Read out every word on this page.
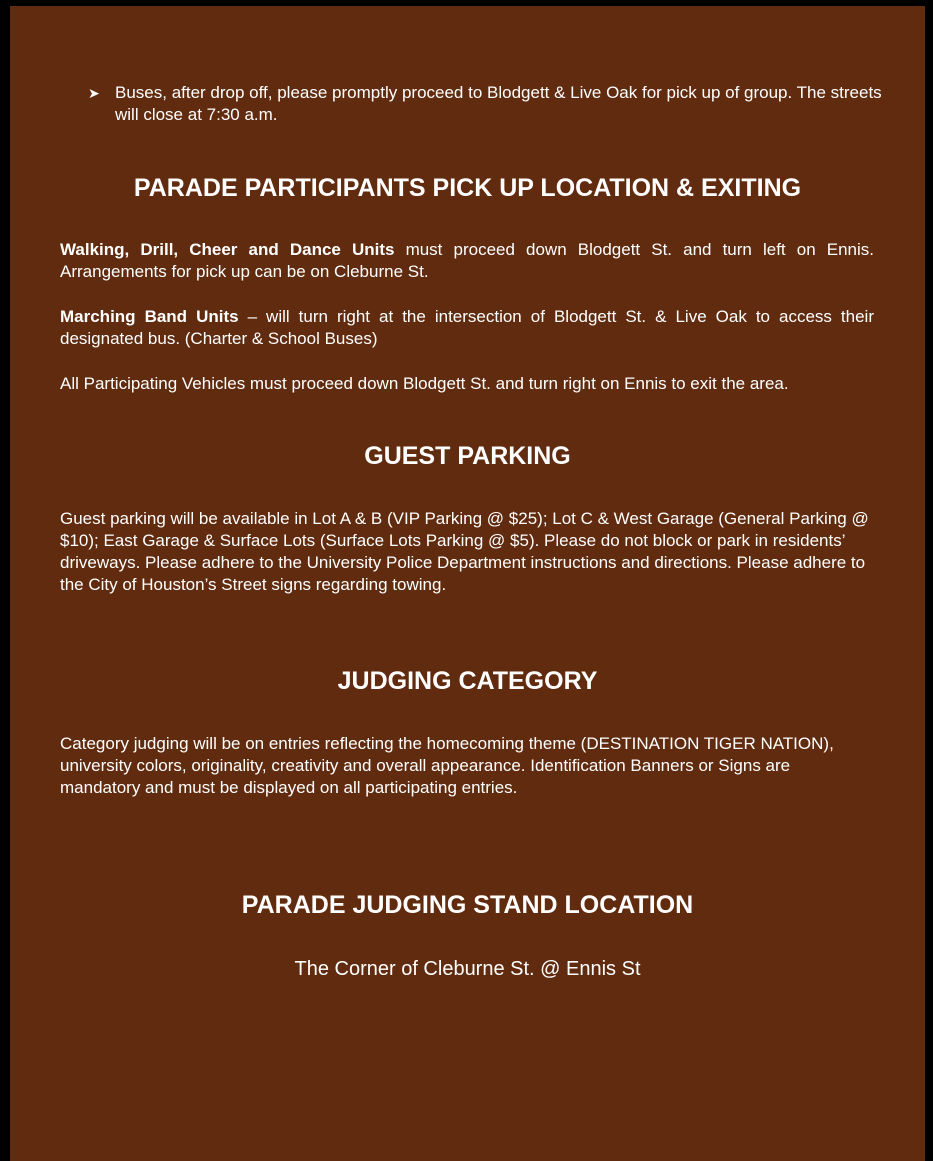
➤ Buses, after drop off, please promptly proceed to Blodgett & Live Oak for pick up of group. The streets will close at 7:30 a.m.
PARADE PARTICIPANTS PICK UP LOCATION & EXITING

Walking, Drill, Cheer and Dance Units must proceed down Blodgett St. and turn left on Ennis. Arrangements for pick up can be on Cleburne St.

Marching Band Units – will turn right at the intersection of Blodgett St. & Live Oak to access their designated bus. (Charter & School Buses)

All Participating Vehicles must proceed down Blodgett St. and turn right on Ennis to exit the area.

GUEST PARKING

Guest parking will be available in Lot A & B (VIP Parking @ $25); Lot C & West Garage (General Parking @ $10); East Garage & Surface Lots (Surface Lots Parking @ $5). Please do not block or park in residents’ driveways. Please adhere to the University Police Department instructions and directions. Please adhere to the City of Houston’s Street signs regarding towing.

JUDGING CATEGORY

Category judging will be on entries reflecting the homecoming theme (DESTINATION TIGER NATION), university colors, originality, creativity and overall appearance. Identification Banners or Signs are mandatory and must be displayed on all participating entries.

PARADE JUDGING STAND LOCATION
The Corner of Cleburne St. @ Ennis St
